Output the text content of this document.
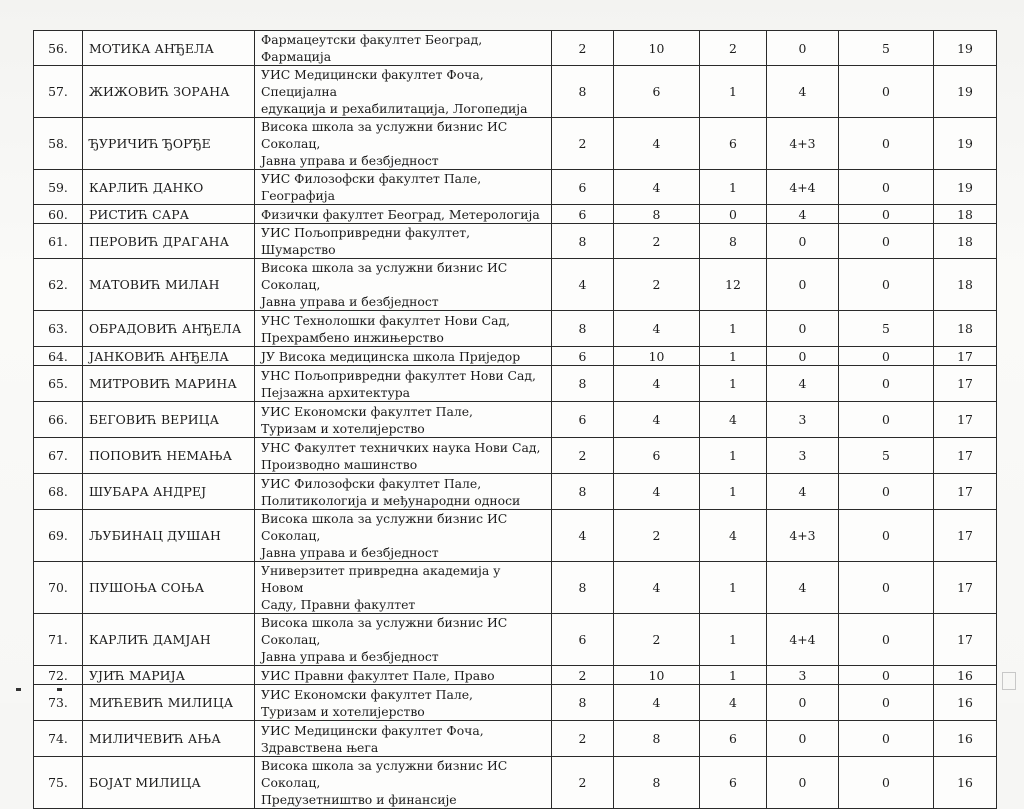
56.	МОТИКА АНЂЕЛА	Фармацеутски факултет Београд, Фармација	2	10	2	0	5	19
57.	ЖИЖОВИЋ ЗОРАНА	УИС Медицински факултет Фоча, Специјална
едукација и рехабилитација, Логопедија	8	6	1	4	0	19
58.	ЂУРИЧИЋ ЂОРЂЕ	Висока школа за услужни бизнис ИС Соколац,
Јавна управа и безбједност	2	4	6	4+3	0	19
59.	КАРЛИЋ ДАНКО	УИС Филозофски факултет Пале, Географија	6	4	1	4+4	0	19
60.	РИСТИЋ САРА	Физички факултет Београд, Метерологија	6	8	0	4	0	18
61.	ПЕРОВИЋ ДРАГАНА	УИС Пољопривредни факултет, Шумарство	8	2	8	0	0	18
62.	МАТОВИЋ МИЛАН	Висока школа за услужни бизнис ИС Соколац,
Јавна управа и безбједност	4	2	12	0	0	18
63.	ОБРАДОВИЋ АНЂЕЛА	УНС Технолошки факултет Нови Сад,
Прехрамбено инжињерство	8	4	1	0	5	18
64.	ЈАНКОВИЋ АНЂЕЛА	ЈУ Висока медицинска школа Приједор	6	10	1	0	0	17
65.	МИТРОВИЋ МАРИНА	УНС Пољопривредни факултет Нови Сад,
Пејзажна архитектура	8	4	1	4	0	17
66.	БЕГОВИЋ ВЕРИЦА	УИС Економски факултет Пале,
Туризам и хотелијерство	6	4	4	3	0	17
67.	ПОПОВИЋ НЕМАЊА	УНС Факултет техничких наука Нови Сад,
Производно машинство	2	6	1	3	5	17
68.	ШУБАРА АНДРЕЈ	УИС Филозофски факултет Пале,
Политикологија и међународни односи	8	4	1	4	0	17
69.	ЉУБИНАЦ ДУШАН	Висока школа за услужни бизнис ИС Соколац,
Јавна управа и безбједност	4	2	4	4+3	0	17
70.	ПУШОЊА СОЊА	Универзитет привредна академија у Новом
Саду, Правни факултет	8	4	1	4	0	17
71.	КАРЛИЋ ДАМЈАН	Висока школа за услужни бизнис ИС Соколац,
Јавна управа и безбједност	6	2	1	4+4	0	17
72.	УЈИЋ МАРИЈА	УИС Правни факултет Пале, Право	2	10	1	3	0	16
73.	МИЋЕВИЋ МИЛИЦА	УИС Економски факултет Пале,
Туризам и хотелијерство	8	4	4	0	0	16
74.	МИЛИЧЕВИЋ АЊА	УИС Медицински факултет Фоча,
Здравствена њега	2	8	6	0	0	16
75.	БОЈАТ МИЛИЦА	Висока школа за услужни бизнис ИС Соколац,
Предузетништво и финансије	2	8	6	0	0	16
